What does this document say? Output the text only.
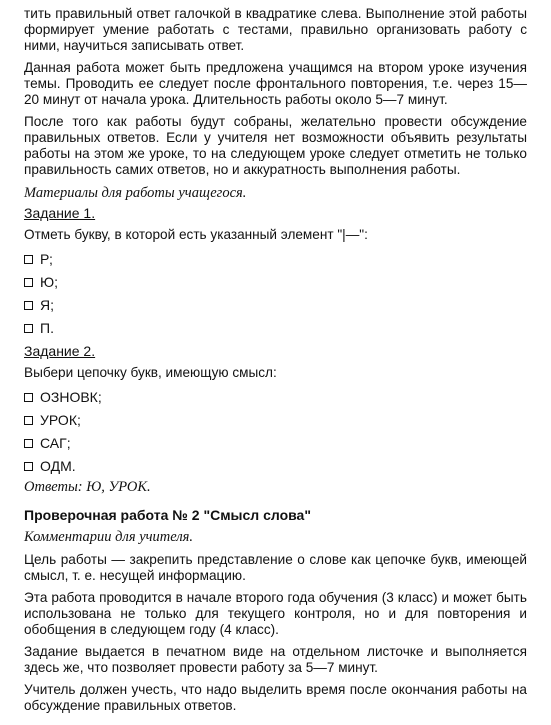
тить правильный ответ галочкой в квадратике слева. Выполнение этой работы формирует умение работать с тестами, правильно организовать работу с ними, научиться записывать ответ.

Данная работа может быть предложена учащимся на втором уроке изучения темы. Проводить ее следует после фронтального повторения, т.е. через 15—20 минут от начала урока. Длительность работы около 5—7 минут.

После того как работы будут собраны, желательно провести обсуждение правильных ответов. Если у учителя нет возможности объявить результаты работы на этом же уроке, то на следующем уроке следует отметить не только правильность самих ответов, но и аккуратность выполнения работы.

Материалы для работы учащегося.

Задание 1.

Отметь букву, в которой есть указанный элемент "|—":

Р;
Ю;
Я;
П.

Задание 2.

Выбери цепочку букв, имеющую смысл:

ОЗНОВК;
УРОК;
САГ;
ОДМ.

Ответы: Ю, УРОК.

Проверочная работа № 2 "Смысл слова"

Комментарии для учителя.

Цель работы — закрепить представление о слове как цепочке букв, имеющей смысл, т. е. несущей информацию.

Эта работа проводится в начале второго года обучения (3 класс) и может быть использована не только для текущего контроля, но и для повторения и обобщения в следующем году (4 класс).

Задание выдается в печатном виде на отдельном листочке и выполняется здесь же, что позволяет провести работу за 5—7 минут.

Учитель должен учесть, что надо выделить время после окончания работы на обсуждение правильных ответов.
